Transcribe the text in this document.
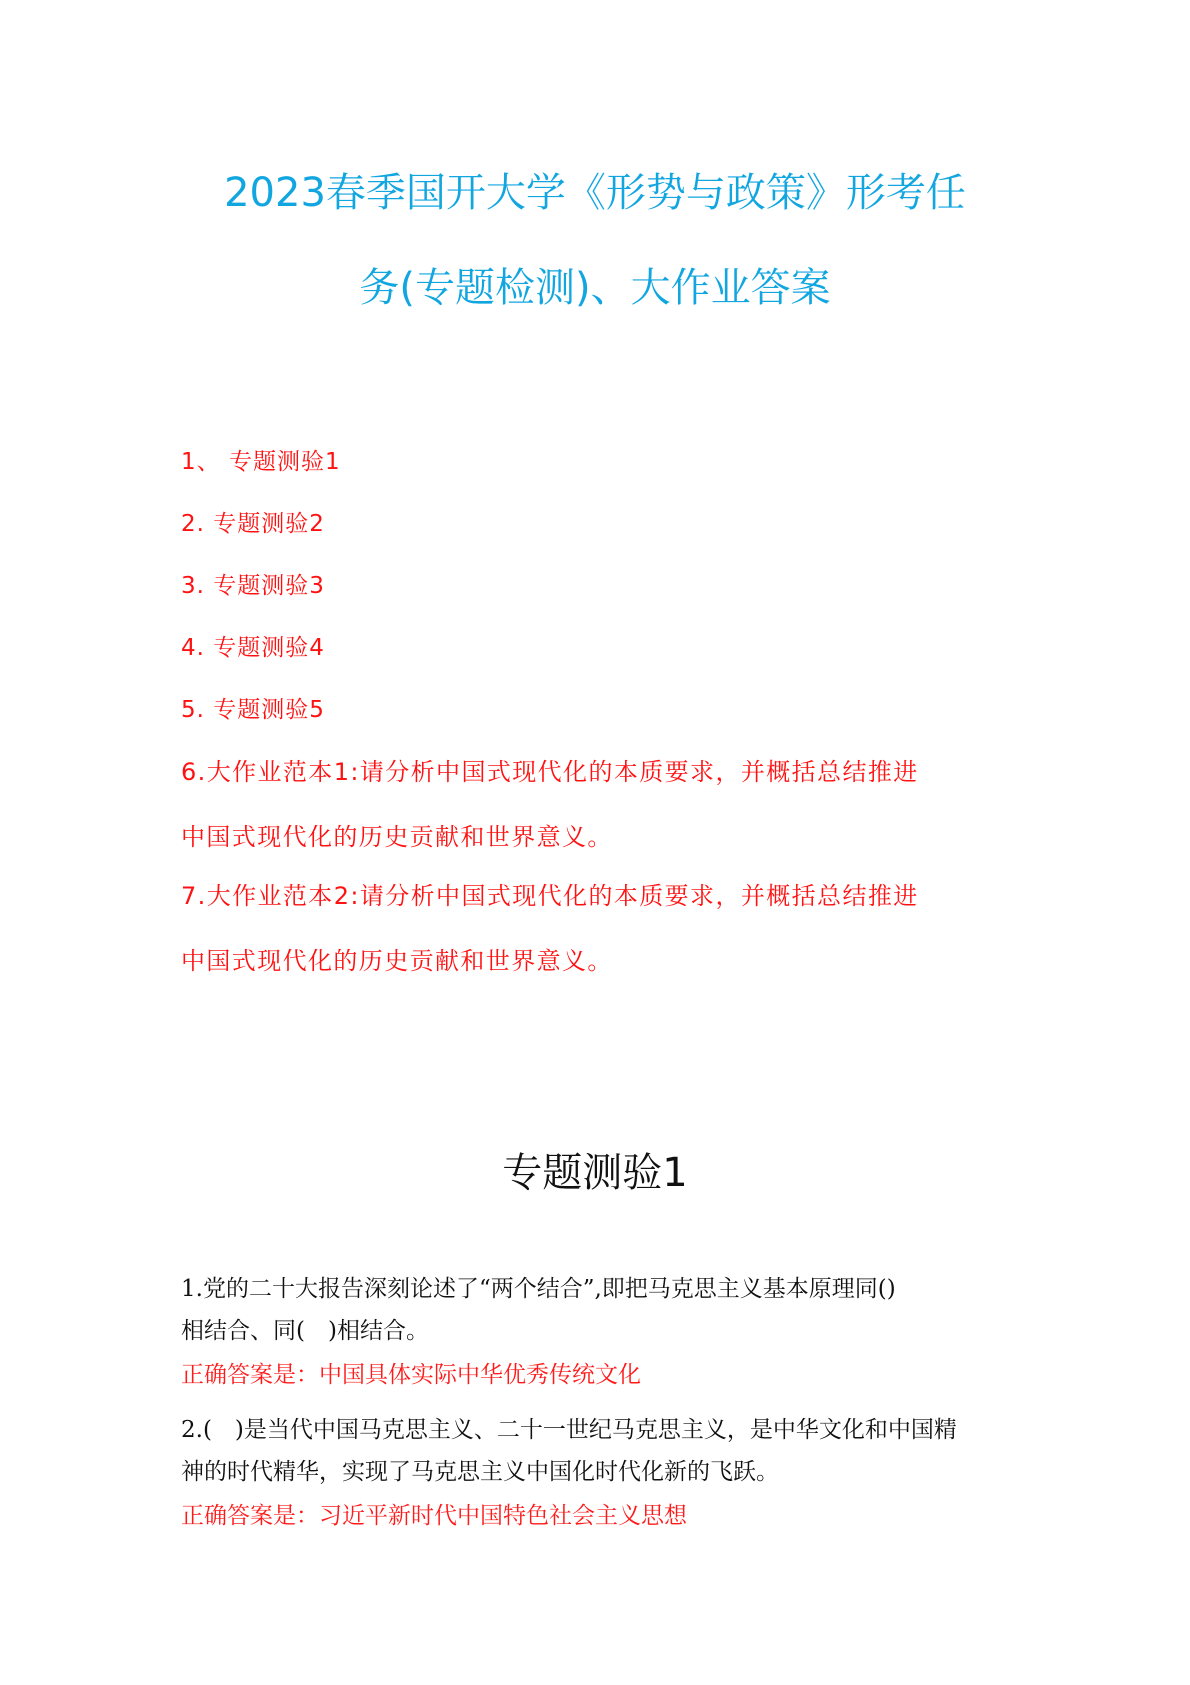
2023春季国开大学《形势与政策》形考任
务(专题检测)、大作业答案
1、 专题测验1
2. 专题测验2
3. 专题测验3
4. 专题测验4
5. 专题测验5
6.大作业范本1:请分析中国式现代化的本质要求，并概括总结推进
中国式现代化的历史贡献和世界意义。
7.大作业范本2:请分析中国式现代化的本质要求，并概括总结推进
中国式现代化的历史贡献和世界意义。
专题测验1
1.党的二十大报告深刻论述了“两个结合”,即把马克思主义基本原理同()
相结合、同(　)相结合。
正确答案是：中国具体实际中华优秀传统文化
2.(　)是当代中国马克思主义、二十一世纪马克思主义，是中华文化和中国精
神的时代精华，实现了马克思主义中国化时代化新的飞跃。
正确答案是：习近平新时代中国特色社会主义思想
